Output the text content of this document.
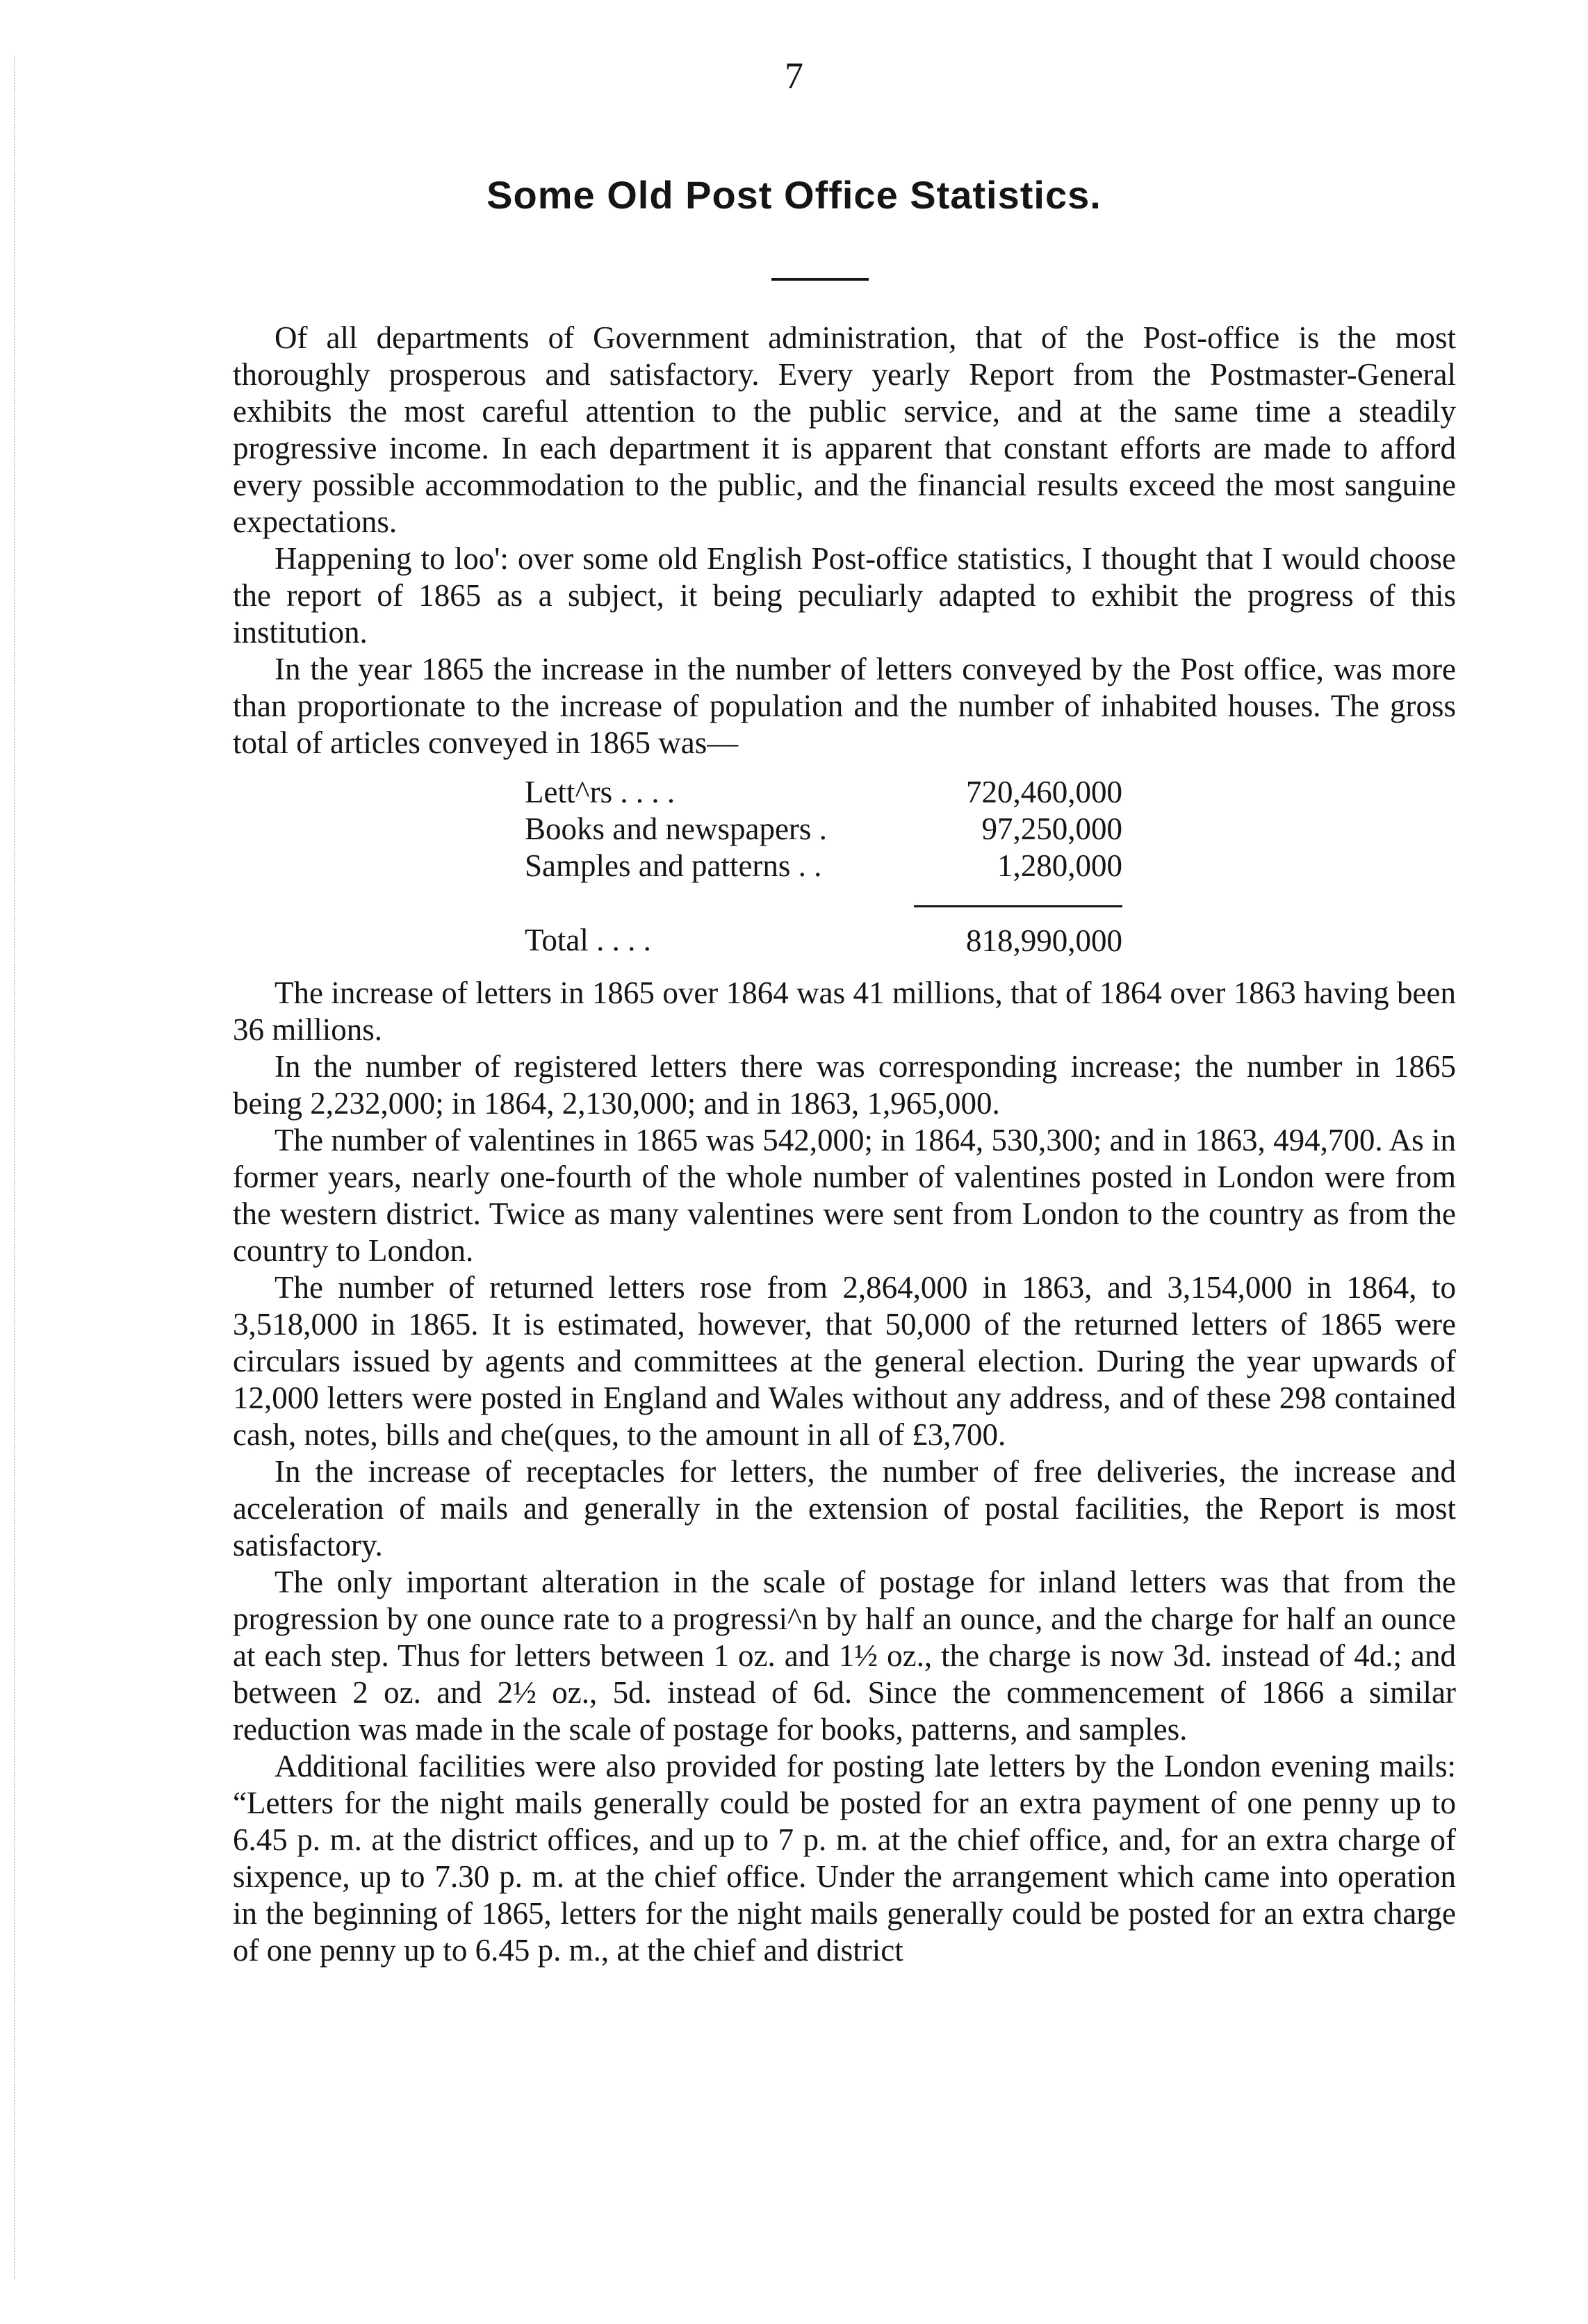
7
Some Old Post Office Statistics.

Of all departments of Government administration, that of the Post-office is the most thoroughly prosperous and satisfactory. Every yearly Report from the Postmaster-General exhibits the most careful attention to the public service, and at the same time a steadily progressive income. In each department it is apparent that constant efforts are made to afford every possible accommodation to the public, and the financial results exceed the most sanguine expectations.

Happening to loo': over some old English Post-office statistics, I thought that I would choose the report of 1865 as a subject, it being peculiarly adapted to exhibit the progress of this institution.

In the year 1865 the increase in the number of letters conveyed by the Post office, was more than proportionate to the increase of population and the number of inhabited houses. The gross total of articles conveyed in 1865 was—

Lett^rs . . . .	720,460,000
Books and newspapers .	97,250,000
Samples and patterns . .	1,280,000

Total . . . .	818,990,000

The increase of letters in 1865 over 1864 was 41 millions, that of 1864 over 1863 having been 36 millions.

In the number of registered letters there was corresponding increase; the number in 1865 being 2,232,000; in 1864, 2,130,000; and in 1863, 1,965,000.

The number of valentines in 1865 was 542,000; in 1864, 530,300; and in 1863, 494,700. As in former years, nearly one-fourth of the whole number of valentines posted in London were from the western district. Twice as many valentines were sent from London to the country as from the country to London.

The number of returned letters rose from 2,864,000 in 1863, and 3,154,000 in 1864, to 3,518,000 in 1865. It is estimated, however, that 50,000 of the returned letters of 1865 were circulars issued by agents and committees at the general election. During the year upwards of 12,000 letters were posted in England and Wales without any address, and of these 298 contained cash, notes, bills and che(ques, to the amount in all of £3,700.

In the increase of receptacles for letters, the number of free deliveries, the increase and acceleration of mails and generally in the extension of postal facilities, the Report is most satisfactory.

The only important alteration in the scale of postage for inland letters was that from the progression by one ounce rate to a progressi^n by half an ounce, and the charge for half an ounce at each step. Thus for letters between 1 oz. and 1½ oz., the charge is now 3d. instead of 4d.; and between 2 oz. and 2½ oz., 5d. instead of 6d. Since the commencement of 1866 a similar reduction was made in the scale of postage for books, patterns, and samples.

Additional facilities were also provided for posting late letters by the London evening mails: “Letters for the night mails generally could be posted for an extra payment of one penny up to 6.45 p. m. at the district offices, and up to 7 p. m. at the chief office, and, for an extra charge of sixpence, up to 7.30 p. m. at the chief office. Under the arrangement which came into operation in the beginning of 1865, letters for the night mails generally could be posted for an extra charge of one penny up to 6.45 p. m., at the chief and district
